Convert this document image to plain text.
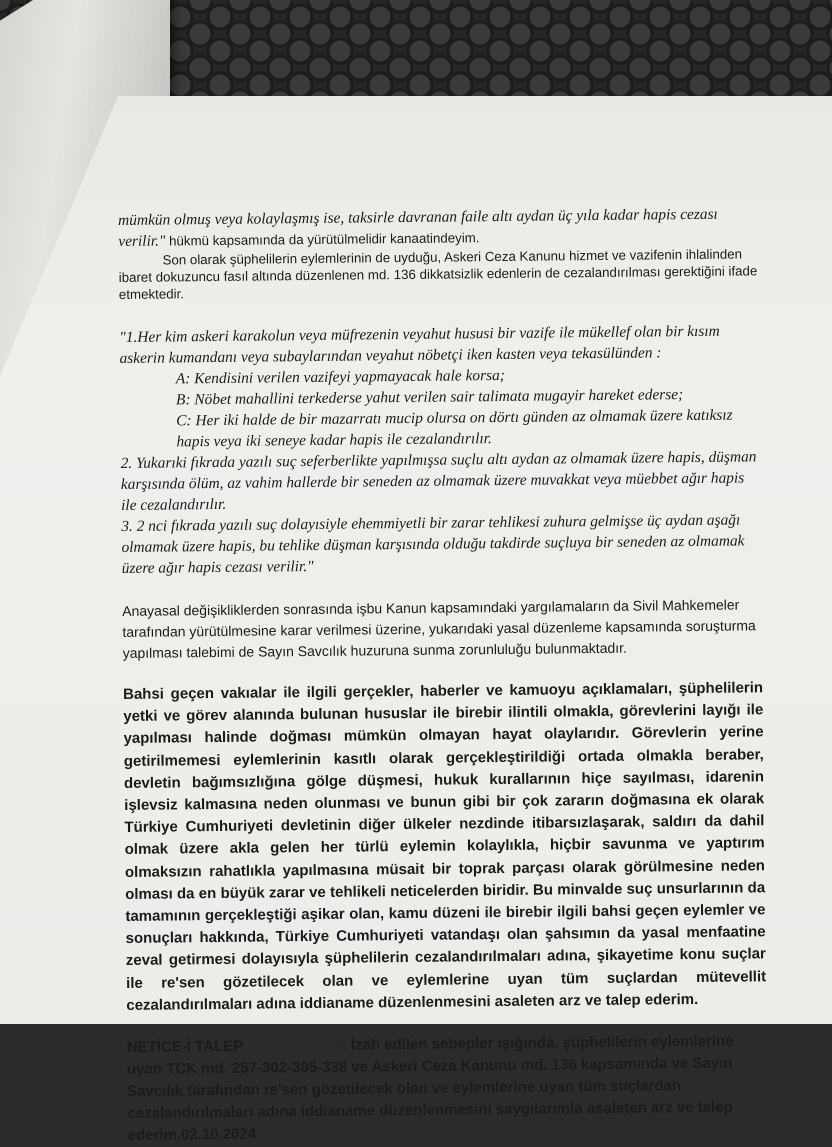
mümkün olmuş veya kolaylaşmış ise, taksirle davranan faile altı aydan üç yıla kadar hapis cezası
verilir." hükmü kapsamında da yürütülmelidir kanaatindeyim.

Son olarak şüphelilerin eylemlerinin de uyduğu, Askeri Ceza Kanunu hizmet ve vazifenin ihlalinden ibaret dokuzuncu fasıl altında düzenlenen md. 136 dikkatsizlik edenlerin de cezalandırılması gerektiğini ifade etmektedir.

"1.Her kim askeri karakolun veya müfrezenin veyahut hususi bir vazife ile mükellef olan bir kısım askerin kumandanı veya subaylarından veyahut nöbetçi iken kasten veya tekasülünden :

A: Kendisini verilen vazifeyi yapmayacak hale korsa;

B: Nöbet mahallini terkederse yahut verilen sair talimata mugayir hareket ederse;

C: Her iki halde de bir mazarratı mucip olursa on dörtı günden az olmamak üzere katıksız hapis veya iki seneye kadar hapis ile cezalandırılır.

2. Yukarıki fıkrada yazılı suç seferberlikte yapılmışsa suçlu altı aydan az olmamak üzere hapis, düşman karşısında ölüm, az vahim hallerde bir seneden az olmamak üzere muvakkat veya müebbet ağır hapis ile cezalandırılır.

3. 2 nci fıkrada yazılı suç dolayısiyle ehemmiyetli bir zarar tehlikesi zuhura gelmişse üç aydan aşağı olmamak üzere hapis, bu tehlike düşman karşısında olduğu takdirde suçluya bir seneden az olmamak üzere ağır hapis cezası verilir."

Anayasal değişikliklerden sonrasında işbu Kanun kapsamındaki yargılamaların da Sivil Mahkemeler tarafından yürütülmesine karar verilmesi üzerine, yukarıdaki yasal düzenleme kapsamında soruşturma yapılması talebimi de Sayın Savcılık huzuruna sunma zorunluluğu bulunmaktadır.

Bahsi geçen vakıalar ile ilgili gerçekler, haberler ve kamuoyu açıklamaları, şüphelilerin yetki ve görev alanında bulunan hususlar ile birebir ilintili olmakla, görevlerini layığı ile yapılması halinde doğması mümkün olmayan hayat olaylarıdır. Görevlerin yerine getirilmemesi eylemlerinin kasıtlı olarak gerçekleştirildiği ortada olmakla beraber, devletin bağımsızlığına gölge düşmesi, hukuk kurallarının hiçe sayılması, idarenin işlevsiz kalmasına neden olunması ve bunun gibi bir çok zararın doğmasına ek olarak Türkiye Cumhuriyeti devletinin diğer ülkeler nezdinde itibarsızlaşarak, saldırı da dahil olmak üzere akla gelen her türlü eylemin kolaylıkla, hiçbir savunma ve yaptırım olmaksızın rahatlıkla yapılmasına müsait bir toprak parçası olarak görülmesine neden olması da en büyük zarar ve tehlikeli neticelerden biridir. Bu minvalde suç unsurlarının da tamamının gerçekleştiği aşikar olan, kamu düzeni ile birebir ilgili bahsi geçen eylemler ve sonuçları hakkında, Türkiye Cumhuriyeti vatandaşı olan şahsımın da yasal menfaatine zeval getirmesi dolayısıyla şüphelilerin cezalandırılmaları adına, şikayetime konu suçlar ile re'sen gözetilecek olan ve eylemlerine uyan tüm suçlardan mütevellit cezalandırılmaları adına iddianame düzenlenmesini asaleten arz ve talep ederim.

NETİCE-İ TALEP	: İzah edilen sebepler ışığında, şüphelilerin eylemlerine uyan TCK md. 257-302-305-338 ve Askeri Ceza Kanunu md. 136 kapsamında ve Sayın Savcılık tarafından re'sen gözetilecek olan ve eylemlerine uyan tüm suçlardan cezalandırılmaları adına iddianame düzenlenmesini saygılarımla asaleten arz ve talep ederim.02.10.2024
